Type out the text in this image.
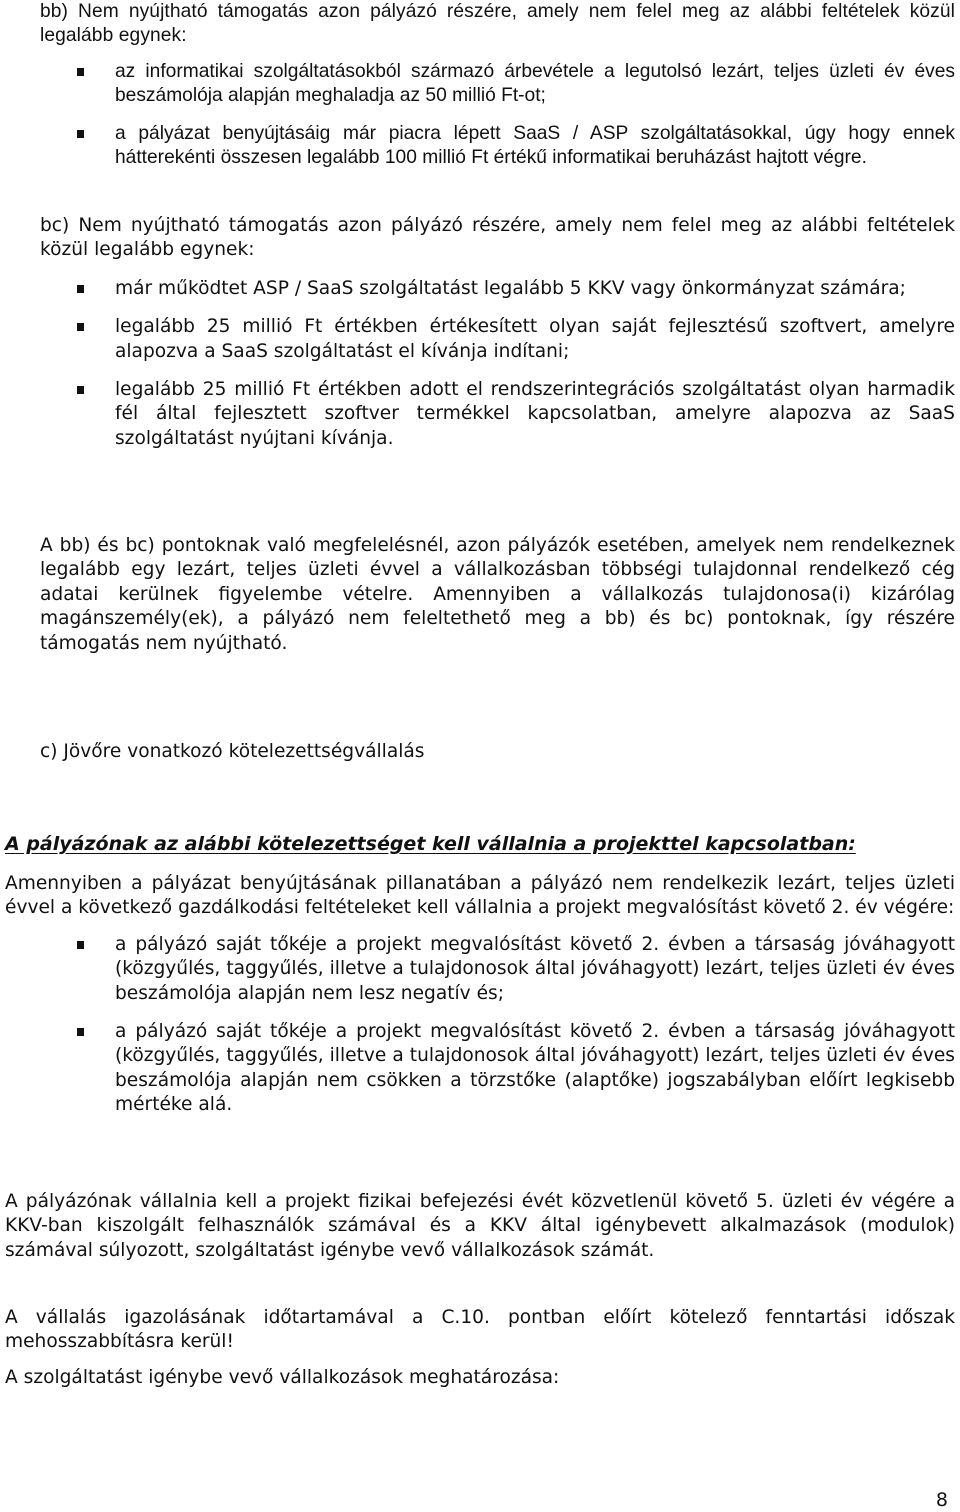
bb) Nem nyújtható támogatás azon pályázó részére, amely nem felel meg az alábbi feltételek közül legalább egynek:
az informatikai szolgáltatásokból származó árbevétele a legutolsó lezárt, teljes üzleti év éves beszámolója alapján meghaladja az 50 millió Ft-ot;
a pályázat benyújtásáig már piacra lépett SaaS / ASP szolgáltatásokkal, úgy hogy ennek hátterekénti összesen legalább 100 millió Ft értékű informatikai beruházást hajtott végre.
bc) Nem nyújtható támogatás azon pályázó részére, amely nem felel meg az alábbi feltételek közül legalább egynek:
már működtet ASP / SaaS szolgáltatást legalább 5 KKV vagy önkormányzat számára;
legalább 25 millió Ft értékben értékesített olyan saját fejlesztésű szoftvert, amelyre alapozva a SaaS szolgáltatást el kívánja indítani;
legalább 25 millió Ft értékben adott el rendszerintegrációs szolgáltatást olyan harmadik fél által fejlesztett szoftver termékkel kapcsolatban, amelyre alapozva az SaaS szolgáltatást nyújtani kívánja.
A bb) és bc) pontoknak való megfelelésnél, azon pályázók esetében, amelyek nem rendelkeznek legalább egy lezárt, teljes üzleti évvel a vállalkozásban többségi tulajdonnal rendelkező cég adatai kerülnek figyelembe vételre. Amennyiben a vállalkozás tulajdonosa(i) kizárólag magánszemély(ek), a pályázó nem feleltethető meg a bb) és bc) pontoknak, így részére támogatás nem nyújtható.
c) Jövőre vonatkozó kötelezettségvállalás
A pályázónak az alábbi kötelezettséget kell vállalnia a projekttel kapcsolatban:
Amennyiben a pályázat benyújtásának pillanatában a pályázó nem rendelkezik lezárt, teljes üzleti évvel a következő gazdálkodási feltételeket kell vállalnia a projekt megvalósítást követő 2. év végére:
a pályázó saját tőkéje a projekt megvalósítást követő 2. évben a társaság jóváhagyott (közgyűlés, taggyűlés, illetve a tulajdonosok által jóváhagyott) lezárt, teljes üzleti év éves beszámolója alapján nem lesz negatív és;
a pályázó saját tőkéje a projekt megvalósítást követő 2. évben a társaság jóváhagyott (közgyűlés, taggyűlés, illetve a tulajdonosok által jóváhagyott) lezárt, teljes üzleti év éves beszámolója alapján nem csökken a törzstőke (alaptőke) jogszabályban előírt legkisebb mértéke alá.
A pályázónak vállalnia kell a projekt fizikai befejezési évét közvetlenül követő 5. üzleti év végére a KKV-ban kiszolgált felhasználók számával és a KKV által igénybevett alkalmazások (modulok) számával súlyozott, szolgáltatást igénybe vevő vállalkozások számát.
A vállalás igazolásának időtartamával a C.10. pontban előírt kötelező fenntartási időszak mehosszabbításra kerül!
A szolgáltatást igénybe vevő vállalkozások meghatározása:
8
